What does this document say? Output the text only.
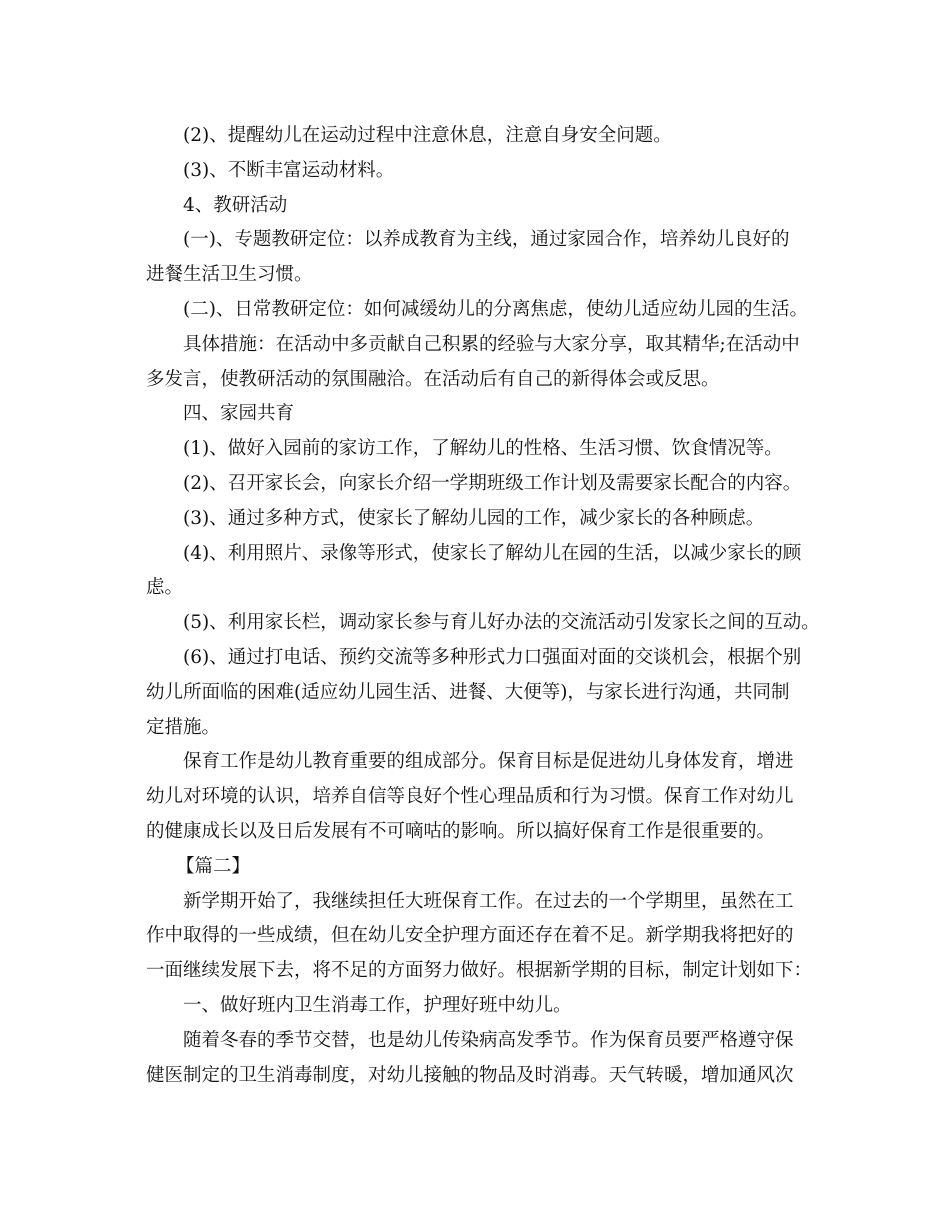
(2)、提醒幼儿在运动过程中注意休息，注意自身安全问题。

(3)、不断丰富运动材料。

4、教研活动

(一)、专题教研定位：以养成教育为主线，通过家园合作，培养幼儿良好的

进餐生活卫生习惯。

(二)、日常教研定位：如何减缓幼儿的分离焦虑，使幼儿适应幼儿园的生活。

具体措施：在活动中多贡献自己积累的经验与大家分享，取其精华;在活动中

多发言，使教研活动的氛围融洽。在活动后有自己的新得体会或反思。

四、家园共育

(1)、做好入园前的家访工作，了解幼儿的性格、生活习惯、饮食情况等。

(2)、召开家长会，向家长介绍一学期班级工作计划及需要家长配合的内容。

(3)、通过多种方式，使家长了解幼儿园的工作，减少家长的各种顾虑。

(4)、利用照片、录像等形式，使家长了解幼儿在园的生活，以减少家长的顾

虑。

(5)、利用家长栏，调动家长参与育儿好办法的交流活动引发家长之间的互动。

(6)、通过打电话、预约交流等多种形式力口强面对面的交谈机会，根据个别

幼儿所面临的困难(适应幼儿园生活、进餐、大便等)，与家长进行沟通，共同制

定措施。

保育工作是幼儿教育重要的组成部分。保育目标是促进幼儿身体发育，增进

幼儿对环境的认识，培养自信等良好个性心理品质和行为习惯。保育工作对幼儿

的健康成长以及日后发展有不可嘀咕的影响。所以搞好保育工作是很重要的。

【篇二】

新学期开始了，我继续担任大班保育工作。在过去的一个学期里，虽然在工

作中取得的一些成绩，但在幼儿安全护理方面还存在着不足。新学期我将把好的

一面继续发展下去，将不足的方面努力做好。根据新学期的目标，制定计划如下：

一、做好班内卫生消毒工作，护理好班中幼儿。

随着冬春的季节交替，也是幼儿传染病高发季节。作为保育员要严格遵守保

健医制定的卫生消毒制度，对幼儿接触的物品及时消毒。天气转暖，增加通风次
